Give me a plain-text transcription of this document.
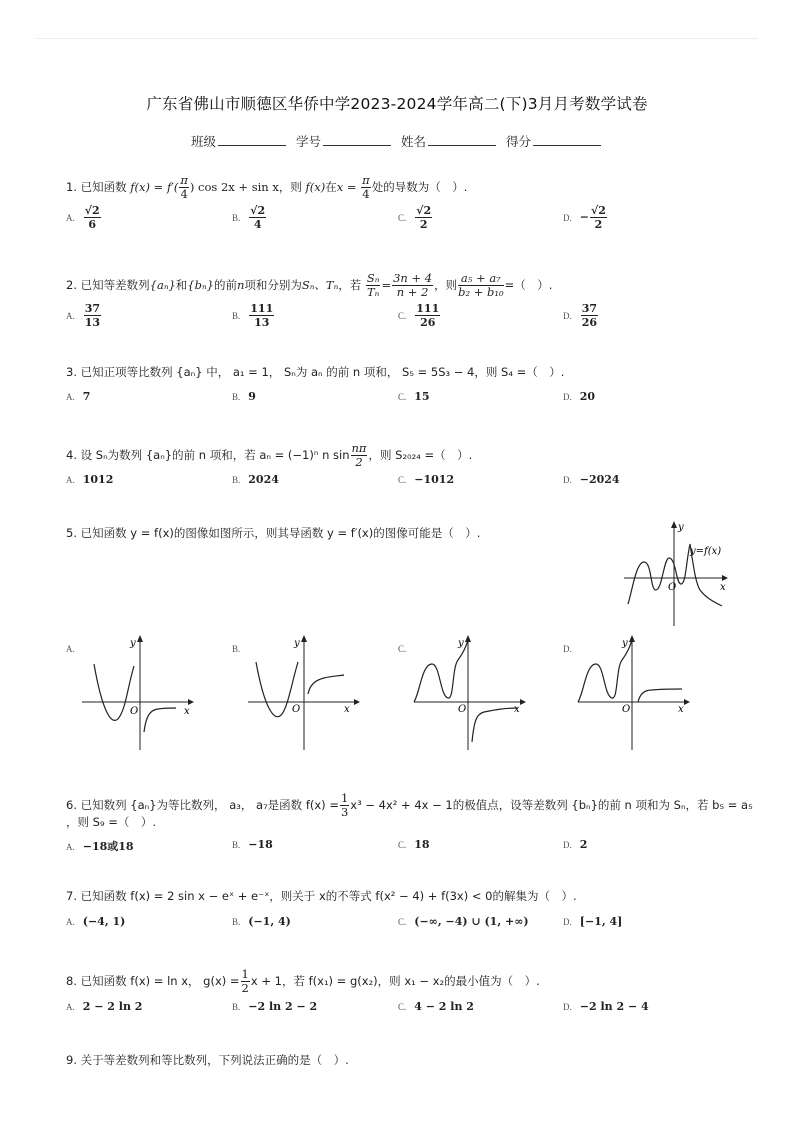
广东省佛山市顺德区华侨中学2023-2024学年高二(下)3月月考数学试卷
班级	学号	姓名	得分
1. 已知函数 $f(x) = f'( \frac{\pi}{4}$ ) cos 2x + sin x，则 f(x)在$x = \frac{\pi}{4}$ 处的导数为（　）.
A. $\frac{√2}{6}$	B. $\frac{√2}{4}$	C. $\frac{√2}{2}$	D. − $\frac{√2}{2}$
2. 已知等差数列{aₙ}和{bₙ}的前n项和分别为Sₙ、Tₙ，若 $\frac{\text{Sₙ}}{\text{Tₙ}} = \frac{3n + 4}{n + 2}$ ，则 $\frac{\text{a₅ + a₇}}{\text{b₂ + b₁₀}}$ =（　）.
A. $\frac{37}{13}$	B. $\frac{111}{13}$	C. $\frac{111}{26}$	D. $\frac{37}{26}$
3. 已知正项等比数列 {aₙ} 中， a₁ = 1， Sₙ为 aₙ 的前 n 项和， S₅ = 5S₃ − 4，则 S₄ =（　）.
A. 7	B. 9	C. 15	D. 20
4. 设 Sₙ为数列 {aₙ}的前 n 项和，若 aₙ = (−1)ⁿ n $\sin \frac{n\pi}{2}$ ，则 S₂₀₂₄ =（　）.
A. 1012	B. 2024	C. −1012	D. −2024
5. 已知函数 y = f(x)的图像如图所示，则其导函数 y = f′(x)的图像可能是（　）.	y
x
O
y=f(x)
A.	y
x
O
B.	y
x
O
C.	y
x
O
D.	y
x
O
6. 已知数列 {aₙ}为等比数列， a₃， a₇是函数 $f(x) = \frac{1}{3} x^3 - 4x^2 + 4x - 1$的极值点，设等差数列 {bₙ}的前 n 项和为 Sₙ，若 b₅ = a₅
，则 S₉ =（　）.
A. −18或18	B. −18	C. 18	D. 2
7. 已知函数 f(x) = 2 sin x − eˣ + e⁻ˣ，则关于 x的不等式 f(x² − 4) + f(3x) < 0的解集为（　）.
A. (−4, 1)	B. (−1, 4)	C. (−∞, −4) ∪ (1, +∞)	D. [−1, 4]
8. 已知函数 f(x) = ln x， $g(x) = \frac{1}{2}$ x + 1，若 f(x₁) = g(x₂)，则 x₁ − x₂的最小值为（　）.
A. 2 − 2 ln 2	B. −2 ln 2 − 2	C. 4 − 2 ln 2	D. −2 ln 2 − 4
9. 关于等差数列和等比数列，下列说法正确的是（　）.
